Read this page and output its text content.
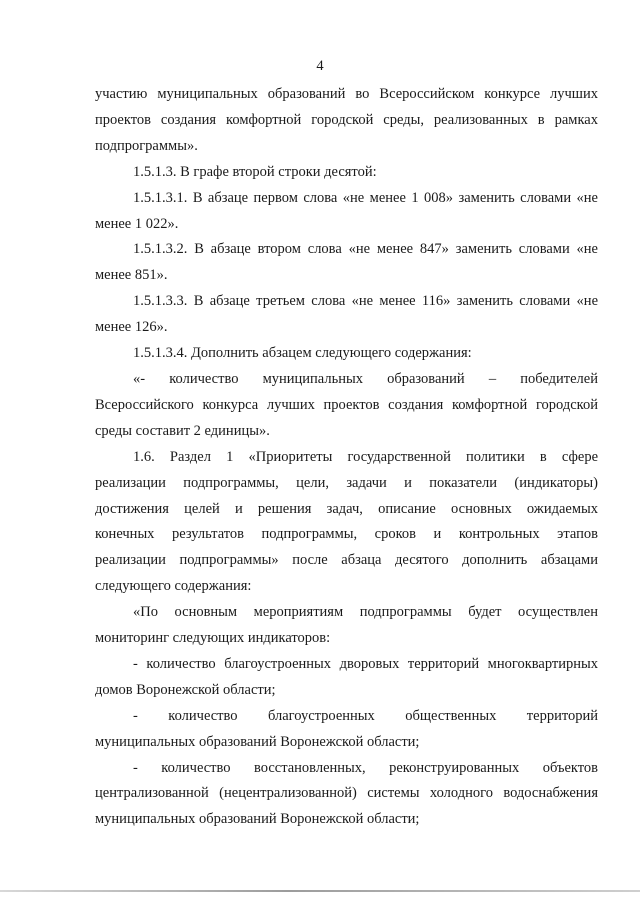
4
участию муниципальных образований во Всероссийском конкурсе лучших
проектов создания комфортной городской среды, реализованных в рамках
подпрограммы».
1.5.1.3. В графе второй строки десятой:
1.5.1.3.1. В абзаце первом слова «не менее 1 008» заменить словами «не
менее 1 022».
1.5.1.3.2. В абзаце втором слова «не менее 847» заменить словами «не
менее 851».
1.5.1.3.3. В абзаце третьем слова «не менее 116» заменить словами «не
менее 126».
1.5.1.3.4. Дополнить абзацем следующего содержания:
«- количество муниципальных образований – победителей
Всероссийского конкурса лучших проектов создания комфортной городской
среды составит 2 единицы».
1.6. Раздел 1 «Приоритеты государственной политики в сфере
реализации подпрограммы, цели, задачи и показатели (индикаторы)
достижения целей и решения задач, описание основных ожидаемых
конечных результатов подпрограммы, сроков и контрольных этапов
реализации подпрограммы» после абзаца десятого дополнить абзацами
следующего содержания:
«По основным мероприятиям подпрограммы будет осуществлен
мониторинг следующих индикаторов:
- количество благоустроенных дворовых территорий многоквартирных
домов Воронежской области;
- количество благоустроенных общественных территорий
муниципальных образований Воронежской области;
- количество восстановленных, реконструированных объектов
централизованной (нецентрализованной) системы холодного водоснабжения
муниципальных образований Воронежской области;
